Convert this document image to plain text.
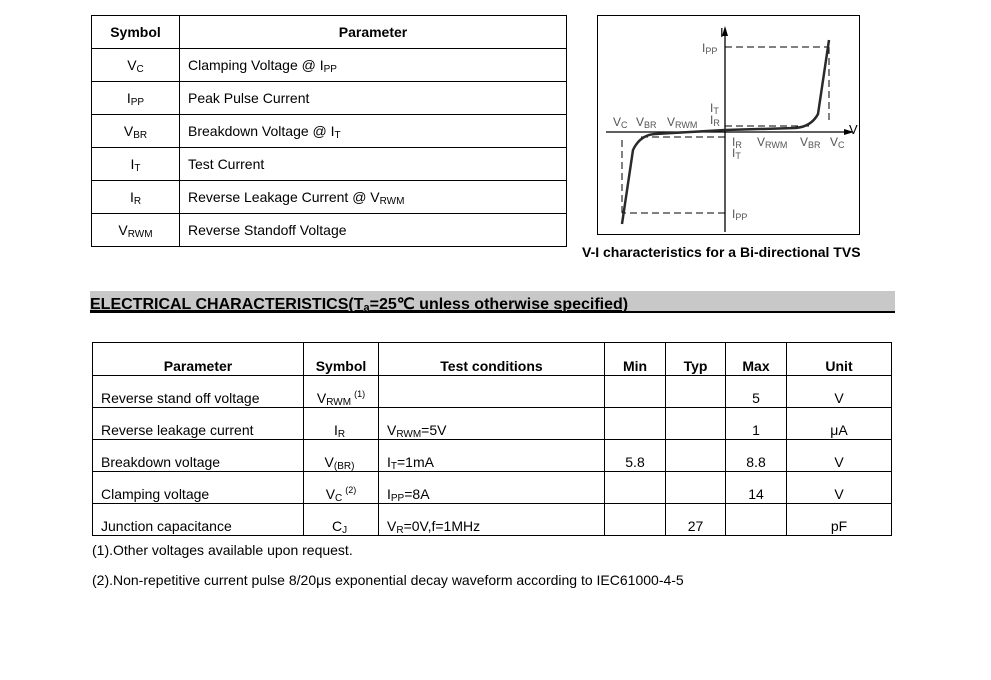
Symbol	Parameter
$V_C$	Clamping Voltage @ $I_{PP}$
$I_{PP}$	Peak Pulse Current
$V_{BR}$	Breakdown Voltage @ $I_T$
$I_T$	Test Current
$I_R$	Reverse Leakage Current @ $V_{RWM}$
$V_{RWM}$	Reverse Standoff Voltage
I
V
$I_{PP}$
$I_T$
$I_R$
$V_C$ $V_{BR}$ $V_{RWM}$
$I_R$
$I_T$
$V_{RWM}$ $V_{BR}$ $V_C$
$I_{PP}$
V-I characteristics for a Bi-directional TVS
ELECTRICAL $CHARACTERISTICS(T_a=25℃$ unless otherwise specified)
Parameter	Symbol	Test conditions	Min	Typ	Max	Unit
Reverse stand off voltage	$V_{RWM}^{(1)}$				5	V
Reverse leakage current	$I_R$	$V_{RWM}=5V$			1	μA
Breakdown voltage	$V_{(BR)}$	$I_T=1mA$	5.8		8.8	V
Clamping voltage	$V_C^{(2)}$	$I_{PP}=8A$			14	V
Junction capacitance	$C_J$	$V_R=0V,f=1MHz$		27		pF
(1).Other voltages available upon request.
(2).Non-repetitive current pulse 8/20μs exponential decay waveform according to IEC61000-4-5
